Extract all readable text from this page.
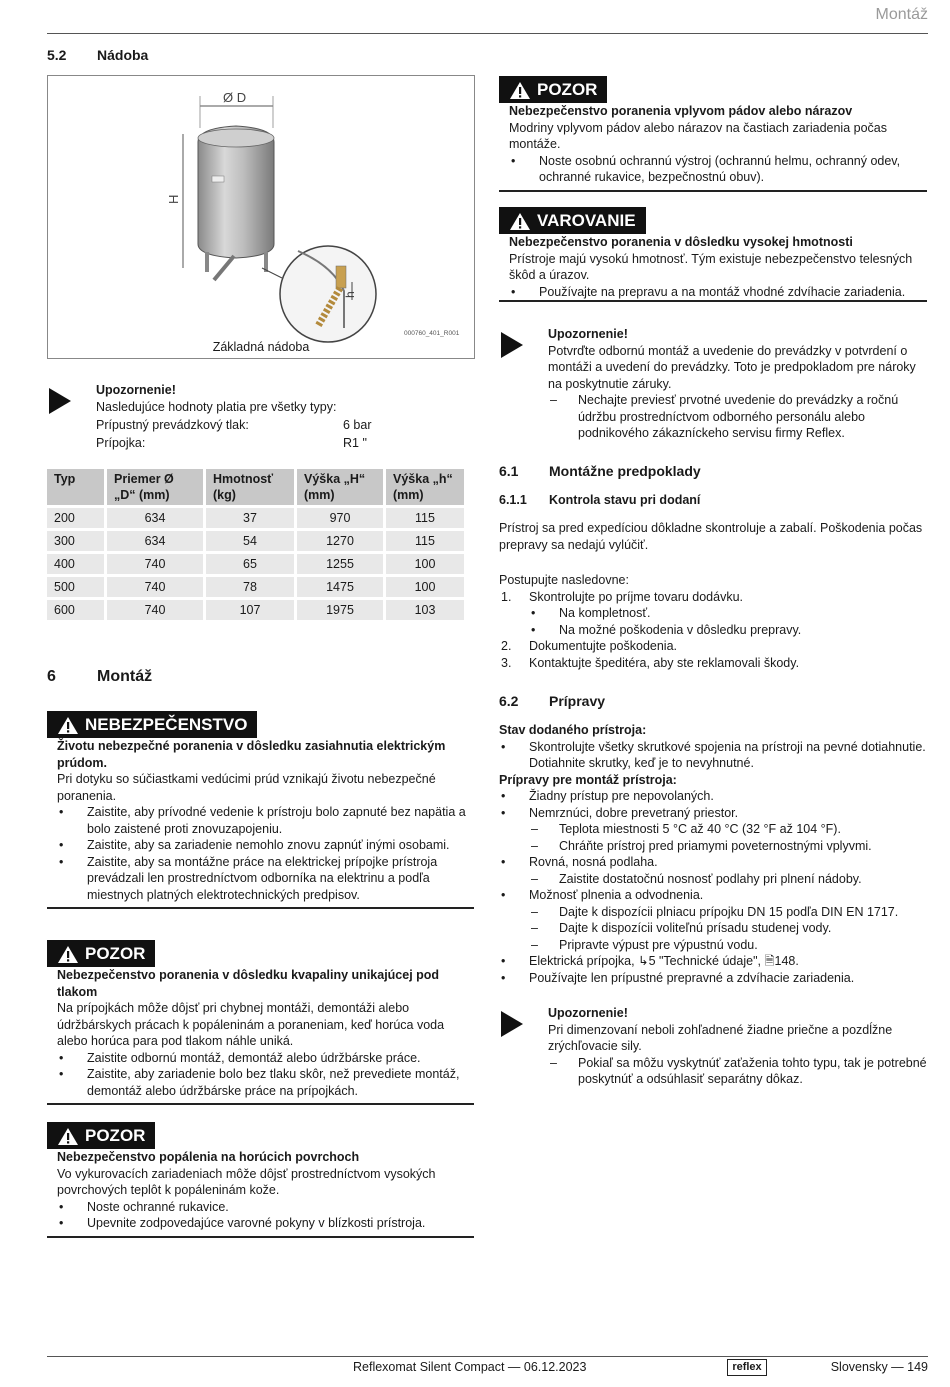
Montáž
5.2 Nádoba
Ø D
H
h
000760_401_R001
Základná nádoba
Upozornenie!
Nasledujúce hodnoty platia pre všetky typy:
Prípustný prevádzkový tlak:	6 bar
Prípojka:	R1 "
Typ	Priemer Ø „D“ (mm)	Hmotnosť (kg)	Výška „H“ (mm)	Výška „h“ (mm)
200	634	37	970	115
300	634	54	1270	115
400	740	65	1255	100
500	740	78	1475	100
600	740	107	1975	103
6	Montáž
NEBEZPEČENSTVO
Životu nebezpečné poranenia v dôsledku zasiahnutia elektrickým prúdom.
Pri dotyku so súčiastkami vedúcimi prúd vznikajú životu nebezpečné poranenia.
• Zaistite, aby prívodné vedenie k prístroju bolo zapnuté bez napätia a bolo zaistené proti znovuzapojeniu.
• Zaistite, aby sa zariadenie nemohlo znovu zapnúť inými osobami.
• Zaistite, aby sa montážne práce na elektrickej prípojke prístroja prevádzali len prostredníctvom odborníka na elektrinu a podľa miestnych platných elektrotechnických predpisov.
POZOR
Nebezpečenstvo poranenia v dôsledku kvapaliny unikajúcej pod tlakom
Na prípojkách môže dôjsť pri chybnej montáži, demontáži alebo údržbárskych prácach k popáleninám a poraneniam, keď horúca voda alebo horúca para pod tlakom náhle uniká.
• Zaistite odbornú montáž, demontáž alebo údržbárske práce.
• Zaistite, aby zariadenie bolo bez tlaku skôr, než prevediete montáž, demontáž alebo údržbárske práce na prípojkách.
POZOR
Nebezpečenstvo popálenia na horúcich povrchoch
Vo vykurovacích zariadeniach môže dôjsť prostredníctvom vysokých povrchových teplôt k popáleninám kože.
• Noste ochranné rukavice.
• Upevnite zodpovedajúce varovné pokyny v blízkosti prístroja.
POZOR
Nebezpečenstvo poranenia vplyvom pádov alebo nárazov
Modriny vplyvom pádov alebo nárazov na častiach zariadenia počas montáže.
• Noste osobnú ochrannú výstroj (ochrannú helmu, ochranný odev, ochranné rukavice, bezpečnostnú obuv).
VAROVANIE
Nebezpečenstvo poranenia v dôsledku vysokej hmotnosti
Prístroje majú vysokú hmotnosť. Tým existuje nebezpečenstvo telesných škôd a úrazov.
• Používajte na prepravu a na montáž vhodné zdvíhacie zariadenia.
Upozornenie!
Potvrďte odbornú montáž a uvedenie do prevádzky v potvrdení o montáži a uvedení do prevádzky. Toto je predpokladom pre nároky na poskytnutie záruky.
– Nechajte previesť prvotné uvedenie do prevádzky a ročnú údržbu prostredníctvom odborného personálu alebo podnikového zákazníckeho servisu firmy Reflex.
6.1 Montážne predpoklady
6.1.1 Kontrola stavu pri dodaní
Prístroj sa pred expedíciou dôkladne skontroluje a zabalí. Poškodenia počas prepravy sa nedajú vylúčiť.
Postupujte nasledovne:
1. Skontrolujte po príjme tovaru dodávku.
• Na kompletnosť.
• Na možné poškodenia v dôsledku prepravy.
2. Dokumentujte poškodenia.
3. Kontaktujte špeditéra, aby ste reklamovali škody.
6.2 Prípravy
Stav dodaného prístroja:
• Skontrolujte všetky skrutkové spojenia na prístroji na pevné dotiahnutie. Dotiahnite skrutky, keď je to nevyhnutné.
Prípravy pre montáž prístroja:
• Žiadny prístup pre nepovolaných.
• Nemrznúci, dobre prevetraný priestor.
– Teplota miestnosti 5 °C až 40 °C (32 °F až 104 °F).
– Chráňte prístroj pred priamymi poveternostnými vplyvmi.
• Rovná, nosná podlaha.
– Zaistite dostatočnú nosnosť podlahy pri plnení nádoby.
• Možnosť plnenia a odvodnenia.
– Dajte k dispozícii plniacu prípojku DN 15 podľa DIN EN 1717.
– Dajte k dispozícii voliteľnú prísadu studenej vody.
– Pripravte výpust pre výpustnú vodu.
• Elektrická prípojka, ↳5 "Technické údaje", 🗎148.
• Používajte len prípustné prepravné a zdvíhacie zariadenia.
Upozornenie!
Pri dimenzovaní neboli zohľadnené žiadne priečne a pozdĺžne zrýchľovacie sily.
– Pokiaľ sa môžu vyskytnúť zaťaženia tohto typu, tak je potrebné poskytnúť a odsúhlasiť separátny dôkaz.
Reflexomat Silent Compact — 06.12.2023	reflex	Slovensky — 149
